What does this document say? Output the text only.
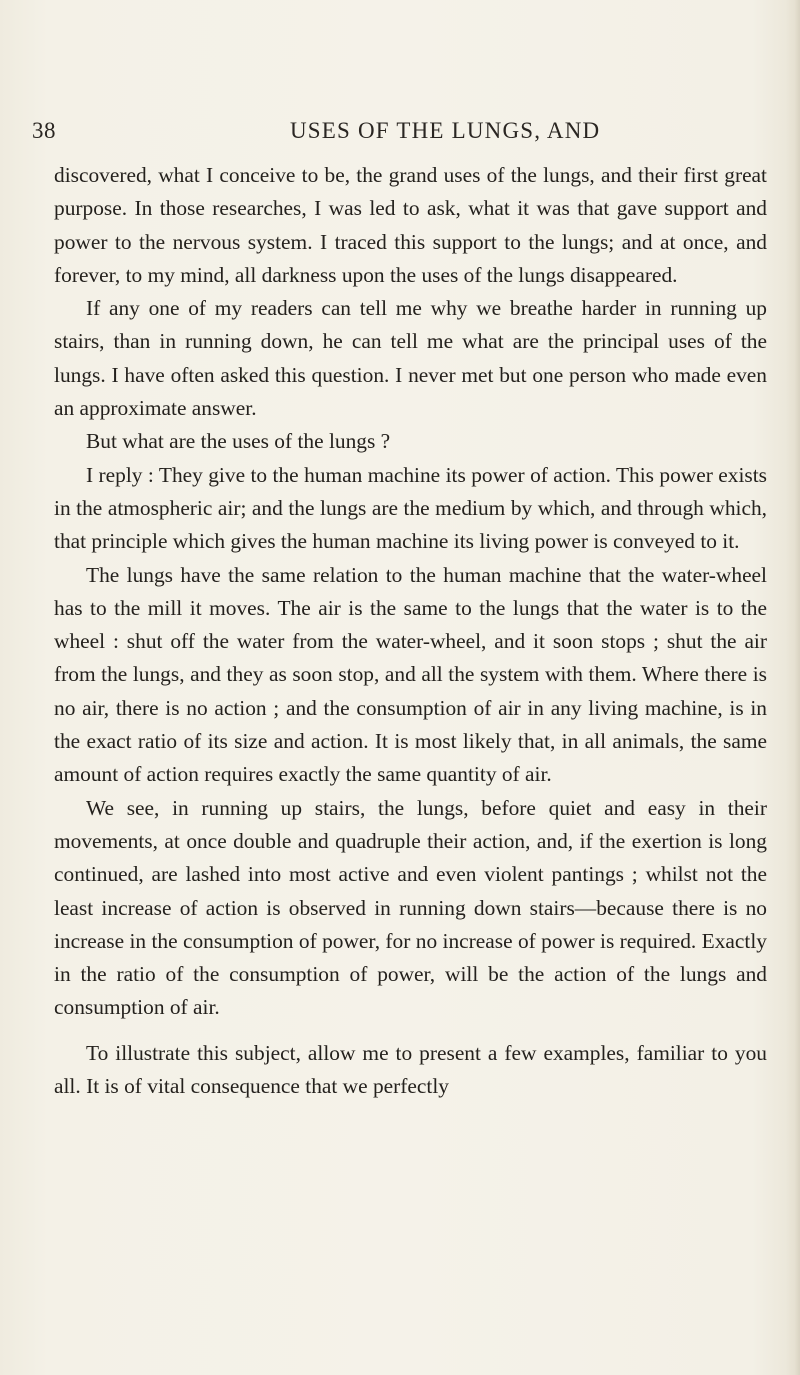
38	USES OF THE LUNGS, AND

discovered, what I conceive to be, the grand uses of the lungs, and their first great purpose. In those researches, I was led to ask, what it was that gave support and power to the nervous system. I traced this support to the lungs; and at once, and forever, to my mind, all darkness upon the uses of the lungs disappeared.

If any one of my readers can tell me why we breathe harder in running up stairs, than in running down, he can tell me what are the principal uses of the lungs. I have often asked this question. I never met but one person who made even an approximate answer.

But what are the uses of the lungs ?

I reply : They give to the human machine its power of action. This power exists in the atmospheric air; and the lungs are the medium by which, and through which, that principle which gives the human machine its living power is conveyed to it.

The lungs have the same relation to the human machine that the water-wheel has to the mill it moves. The air is the same to the lungs that the water is to the wheel : shut off the water from the water-wheel, and it soon stops ; shut the air from the lungs, and they as soon stop, and all the system with them. Where there is no air, there is no action ; and the consumption of air in any living machine, is in the exact ratio of its size and action. It is most likely that, in all animals, the same amount of action requires exactly the same quantity of air.

We see, in running up stairs, the lungs, before quiet and easy in their movements, at once double and quadruple their action, and, if the exertion is long continued, are lashed into most active and even violent pantings ; whilst not the least increase of action is observed in running down stairs—because there is no increase in the consumption of power, for no increase of power is required. Exactly in the ratio of the consumption of power, will be the action of the lungs and consumption of air.

To illustrate this subject, allow me to present a few examples, familiar to you all. It is of vital consequence that we perfectly
